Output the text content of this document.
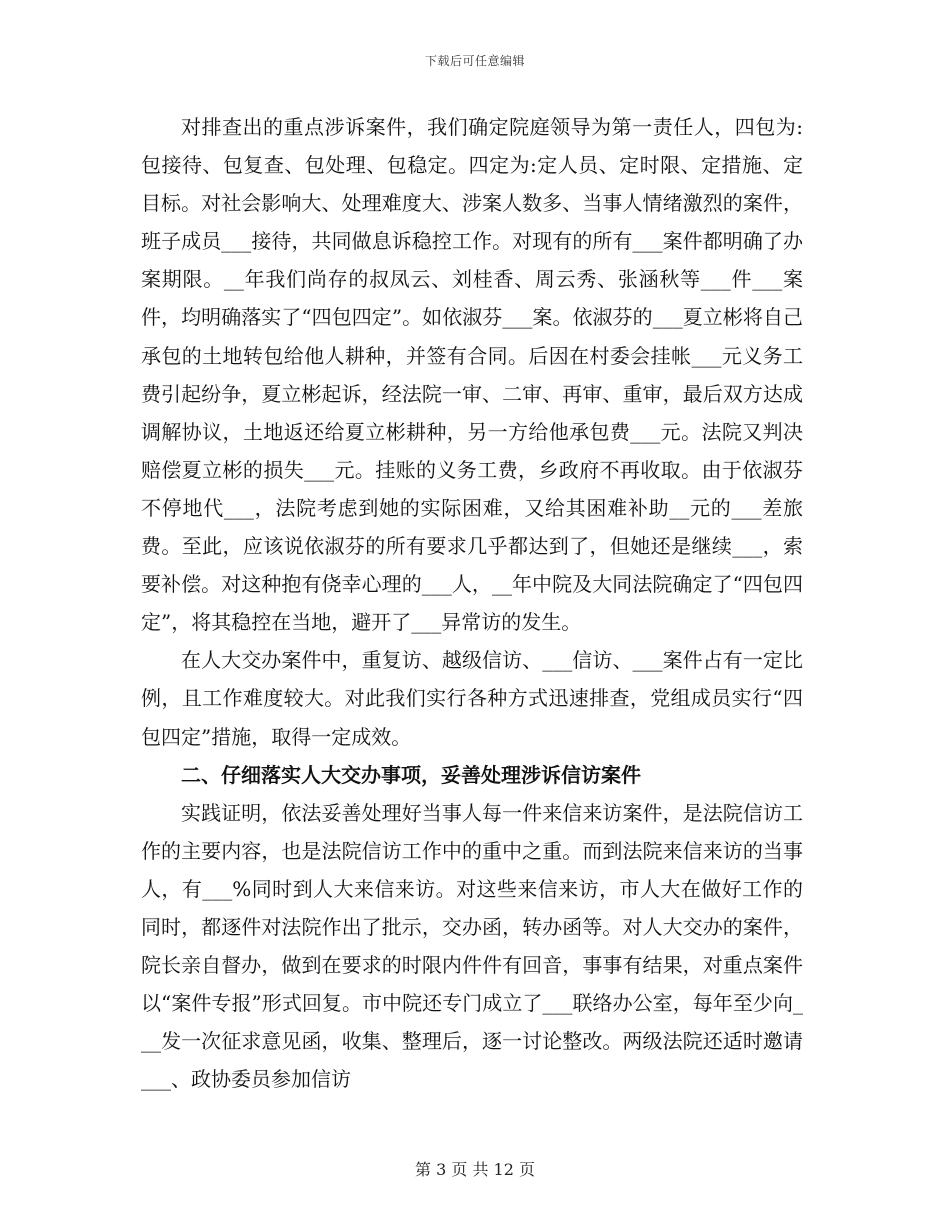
下载后可任意编辑

对排查出的重点涉诉案件，我们确定院庭领导为第一责任人，四包为:包接待、包复查、包处理、包稳定。四定为:定人员、定时限、定措施、定目标。对社会影响大、处理难度大、涉案人数多、当事人情绪激烈的案件，班子成员___接待，共同做息诉稳控工作。对现有的所有___案件都明确了办案期限。__年我们尚存的叔凤云、刘桂香、周云秀、张涵秋等___件___案件，均明确落实了“四包四定”。如依淑芬___案。依淑芬的___夏立彬将自己承包的土地转包给他人耕种，并签有合同。后因在村委会挂帐___元义务工费引起纷争，夏立彬起诉，经法院一审、二审、再审、重审，最后双方达成调解协议，土地返还给夏立彬耕种，另一方给他承包费___元。法院又判决赔偿夏立彬的损失___元。挂账的义务工费，乡政府不再收取。由于依淑芬不停地代___，法院考虑到她的实际困难，又给其困难补助__元的___差旅费。至此，应该说依淑芬的所有要求几乎都达到了，但她还是继续___，索要补偿。对这种抱有侥幸心理的___人，__年中院及大同法院确定了“四包四定”，将其稳控在当地，避开了___异常访的发生。

在人大交办案件中，重复访、越级信访、___信访、___案件占有一定比例，且工作难度较大。对此我们实行各种方式迅速排查，党组成员实行“四包四定”措施，取得一定成效。

二、仔细落实人大交办事项，妥善处理涉诉信访案件

实践证明，依法妥善处理好当事人每一件来信来访案件，是法院信访工作的主要内容，也是法院信访工作中的重中之重。而到法院来信来访的当事人，有___%同时到人大来信来访。对这些来信来访，市人大在做好工作的同时，都逐件对法院作出了批示，交办函，转办函等。对人大交办的案件，院长亲自督办，做到在要求的时限内件件有回音，事事有结果，对重点案件以“案件专报”形式回复。市中院还专门成立了___联络办公室，每年至少向___发一次征求意见函，收集、整理后，逐一讨论整改。两级法院还适时邀请___、政协委员参加信访

第 3 页 共 12 页
